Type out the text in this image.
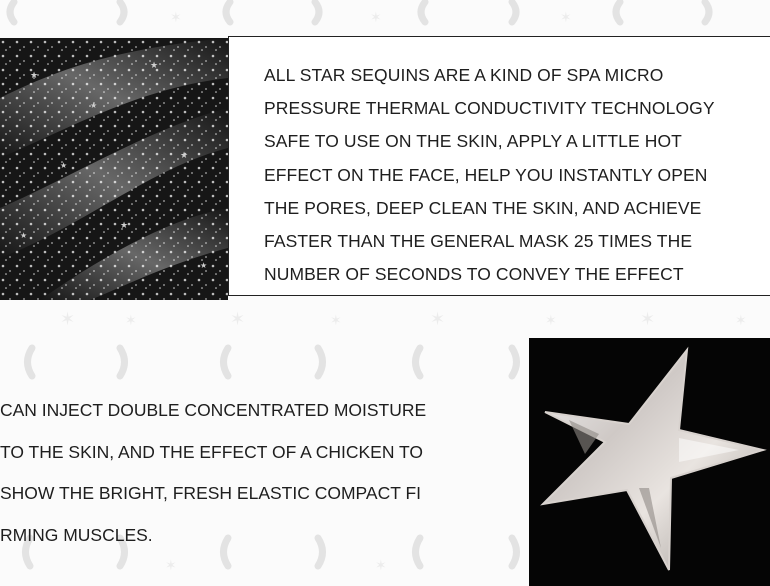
✶	✶	✶	✶	✶	✶	✶	✶
✶	✶	✶
✶	✶
★
★
★
★
★
★
★
★
ALL STAR SEQUINS ARE A KIND OF SPA MICRO
PRESSURE THERMAL CONDUCTIVITY TECHNOLOGY
SAFE TO USE ON THE SKIN, APPLY A LITTLE HOT
EFFECT ON THE FACE, HELP YOU INSTANTLY OPEN
THE PORES, DEEP CLEAN THE SKIN, AND ACHIEVE
FASTER THAN THE GENERAL MASK 25 TIMES THE
NUMBER OF SECONDS TO CONVEY THE EFFECT
CAN INJECT DOUBLE CONCENTRATED MOISTURE
TO THE SKIN, AND THE EFFECT OF A CHICKEN TO
SHOW THE BRIGHT, FRESH ELASTIC COMPACT FI
RMING MUSCLES.
